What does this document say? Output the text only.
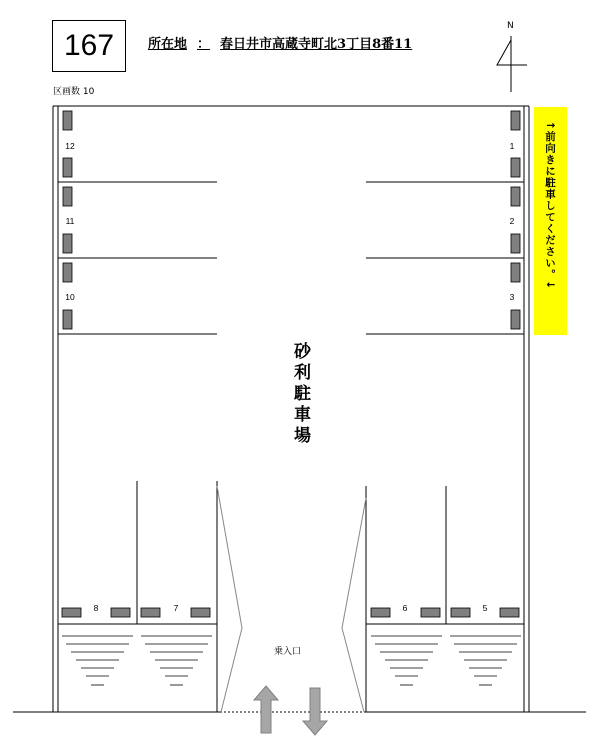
167	所在地 ： 春日井市高蔵寺町北3丁目8番11
区画数 10
N
↑前向きに駐車してください。↓
1
2
3
5
6
7
8
10
11
12
砂利駐車場
乗入口
